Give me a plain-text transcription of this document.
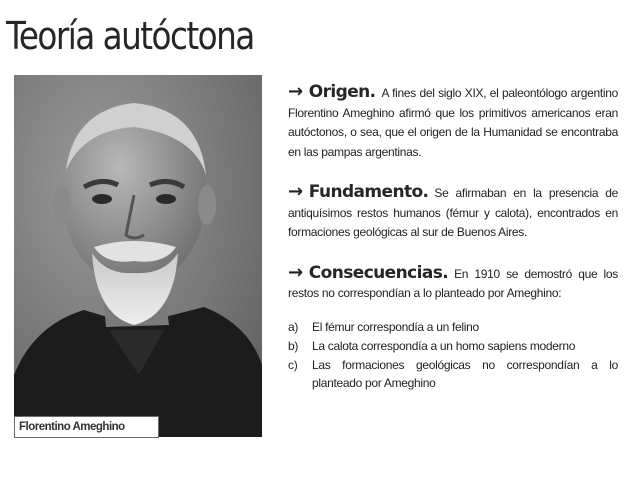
Teoría autóctona
Florentino Ameghino

→ Origen. A fines del siglo XIX, el paleontólogo argentino Florentino Ameghino afirmó que los primitivos americanos eran autóctonos, o sea, que el origen de la Humanidad se encontraba en las pampas argentinas.

→ Fundamento. Se afirmaban en la presencia de antiquísimos restos humanos (fémur y calota), encontrados en formaciones geológicas al sur de Buenos Aires.

→ Consecuencias. En 1910 se demostró que los restos no correspondían a lo planteado por Ameghino:

a)	El fémur correspondía a un felino
b)	La calota correspondía a un homo sapiens moderno
c)	Las formaciones geológicas no correspondían a lo planteado por Ameghino
